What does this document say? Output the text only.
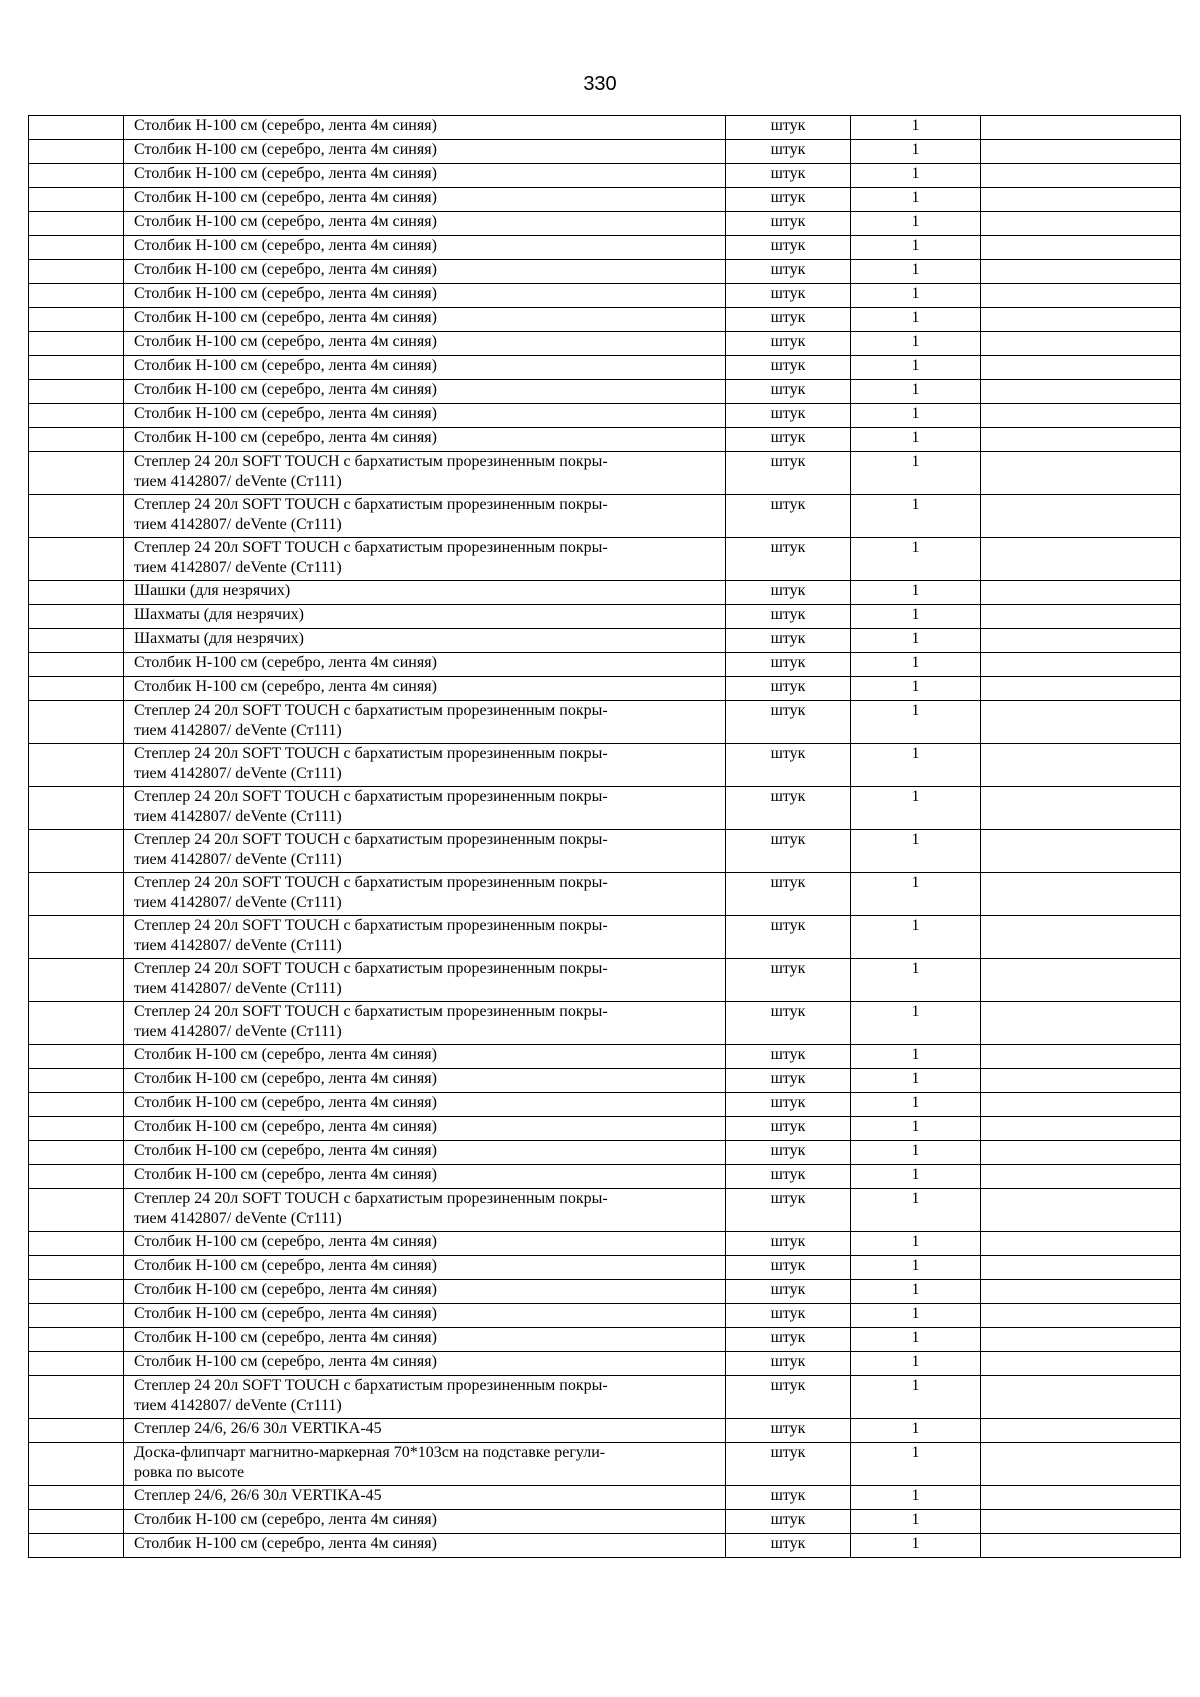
330

	Столбик Н-100 см (серебро, лента 4м синяя)	штук	1	

	Столбик Н-100 см (серебро, лента 4м синяя)	штук	1	

	Столбик Н-100 см (серебро, лента 4м синяя)	штук	1	

	Столбик Н-100 см (серебро, лента 4м синяя)	штук	1	

	Столбик Н-100 см (серебро, лента 4м синяя)	штук	1	

	Столбик Н-100 см (серебро, лента 4м синяя)	штук	1	

	Столбик Н-100 см (серебро, лента 4м синяя)	штук	1	

	Столбик Н-100 см (серебро, лента 4м синяя)	штук	1	

	Столбик Н-100 см (серебро, лента 4м синяя)	штук	1	

	Столбик Н-100 см (серебро, лента 4м синяя)	штук	1	

	Столбик Н-100 см (серебро, лента 4м синяя)	штук	1	

	Столбик Н-100 см (серебро, лента 4м синяя)	штук	1	

	Столбик Н-100 см (серебро, лента 4м синяя)	штук	1	

	Столбик Н-100 см (серебро, лента 4м синяя)	штук	1	

	Степлер 24 20л SOFT TOUCH с бархатистым прорезиненным покры-
тием 4142807/ deVente (Ст111)	штук	1	

	Степлер 24 20л SOFT TOUCH с бархатистым прорезиненным покры-
тием 4142807/ deVente (Ст111)	штук	1	

	Степлер 24 20л SOFT TOUCH с бархатистым прорезиненным покры-
тием 4142807/ deVente (Ст111)	штук	1	

	Шашки (для незрячих)	штук	1	

	Шахматы (для незрячих)	штук	1	

	Шахматы (для незрячих)	штук	1	

	Столбик Н-100 см (серебро, лента 4м синяя)	штук	1	

	Столбик Н-100 см (серебро, лента 4м синяя)	штук	1	

	Степлер 24 20л SOFT TOUCH с бархатистым прорезиненным покры-
тием 4142807/ deVente (Ст111)	штук	1	

	Степлер 24 20л SOFT TOUCH с бархатистым прорезиненным покры-
тием 4142807/ deVente (Ст111)	штук	1	

	Степлер 24 20л SOFT TOUCH с бархатистым прорезиненным покры-
тием 4142807/ deVente (Ст111)	штук	1	

	Степлер 24 20л SOFT TOUCH с бархатистым прорезиненным покры-
тием 4142807/ deVente (Ст111)	штук	1	

	Степлер 24 20л SOFT TOUCH с бархатистым прорезиненным покры-
тием 4142807/ deVente (Ст111)	штук	1	

	Степлер 24 20л SOFT TOUCH с бархатистым прорезиненным покры-
тием 4142807/ deVente (Ст111)	штук	1	

	Степлер 24 20л SOFT TOUCH с бархатистым прорезиненным покры-
тием 4142807/ deVente (Ст111)	штук	1	

	Степлер 24 20л SOFT TOUCH с бархатистым прорезиненным покры-
тием 4142807/ deVente (Ст111)	штук	1	

	Столбик Н-100 см (серебро, лента 4м синяя)	штук	1	

	Столбик Н-100 см (серебро, лента 4м синяя)	штук	1	

	Столбик Н-100 см (серебро, лента 4м синяя)	штук	1	

	Столбик Н-100 см (серебро, лента 4м синяя)	штук	1	

	Столбик Н-100 см (серебро, лента 4м синяя)	штук	1	

	Столбик Н-100 см (серебро, лента 4м синяя)	штук	1	

	Степлер 24 20л SOFT TOUCH с бархатистым прорезиненным покры-
тием 4142807/ deVente (Ст111)	штук	1	

	Столбик Н-100 см (серебро, лента 4м синяя)	штук	1	

	Столбик Н-100 см (серебро, лента 4м синяя)	штук	1	

	Столбик Н-100 см (серебро, лента 4м синяя)	штук	1	

	Столбик Н-100 см (серебро, лента 4м синяя)	штук	1	

	Столбик Н-100 см (серебро, лента 4м синяя)	штук	1	

	Столбик Н-100 см (серебро, лента 4м синяя)	штук	1	

	Степлер 24 20л SOFT TOUCH с бархатистым прорезиненным покры-
тием 4142807/ deVente (Ст111)	штук	1	

	Степлер 24/6, 26/6 30л VERTIKA-45	штук	1	

	Доска-флипчарт магнитно-маркерная 70*103см на подставке регули-
ровка по высоте	штук	1	

	Степлер 24/6, 26/6 30л VERTIKA-45	штук	1	

	Столбик Н-100 см (серебро, лента 4м синяя)	штук	1	

	Столбик Н-100 см (серебро, лента 4м синяя)	штук	1	
